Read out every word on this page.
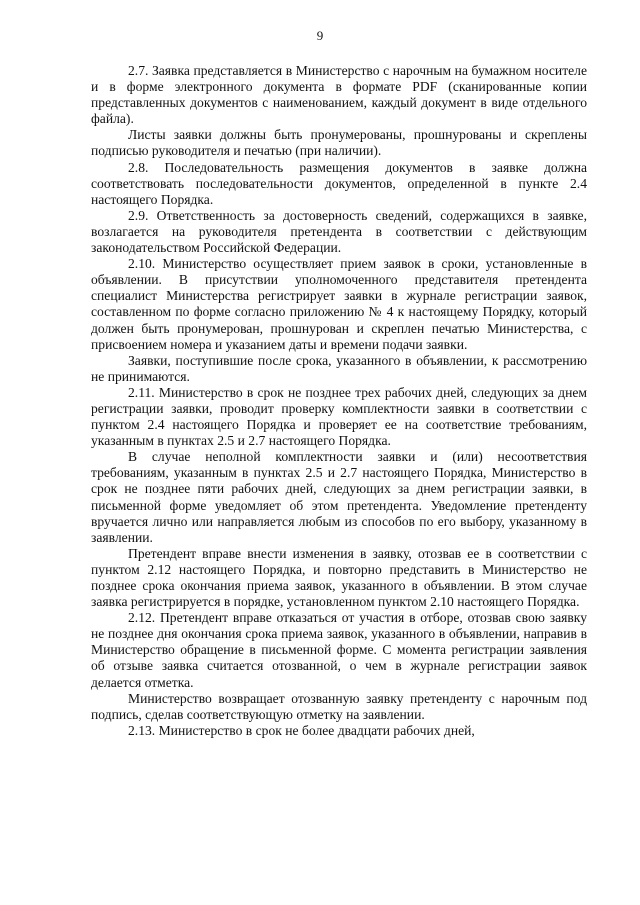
9

2.7. Заявка представляется в Министерство с нарочным на бумажном носителе и в форме электронного документа в формате PDF (сканированные копии представленных документов с наименованием, каждый документ в виде отдельного файла).

Листы заявки должны быть пронумерованы, прошнурованы и скреплены подписью руководителя и печатью (при наличии).

2.8. Последовательность размещения документов в заявке должна соответствовать последовательности документов, определенной в пункте 2.4 настоящего Порядка.

2.9. Ответственность за достоверность сведений, содержащихся в заявке, возлагается на руководителя претендента в соответствии с действующим законодательством Российской Федерации.

2.10. Министерство осуществляет прием заявок в сроки, установленные в объявлении. В присутствии уполномоченного представителя претендента специалист Министерства регистрирует заявки в журнале регистрации заявок, составленном по форме согласно приложению № 4 к настоящему Порядку, который должен быть пронумерован, прошнурован и скреплен печатью Министерства, с присвоением номера и указанием даты и времени подачи заявки.

Заявки, поступившие после срока, указанного в объявлении, к рассмотрению не принимаются.

2.11. Министерство в срок не позднее трех рабочих дней, следующих за днем регистрации заявки, проводит проверку комплектности заявки в соответствии с пунктом 2.4 настоящего Порядка и проверяет ее на соответствие требованиям, указанным в пунктах 2.5 и 2.7 настоящего Порядка.

В случае неполной комплектности заявки и (или) несоответствия требованиям, указанным в пунктах 2.5 и 2.7 настоящего Порядка, Министерство в срок не позднее пяти рабочих дней, следующих за днем регистрации заявки, в письменной форме уведомляет об этом претендента. Уведомление претенденту вручается лично или направляется любым из способов по его выбору, указанному в заявлении.

Претендент вправе внести изменения в заявку, отозвав ее в соответствии с пунктом 2.12 настоящего Порядка, и повторно представить в Министерство не позднее срока окончания приема заявок, указанного в объявлении. В этом случае заявка регистрируется в порядке, установленном пунктом 2.10 настоящего Порядка.

2.12. Претендент вправе отказаться от участия в отборе, отозвав свою заявку не позднее дня окончания срока приема заявок, указанного в объявлении, направив в Министерство обращение в письменной форме. С момента регистрации заявления об отзыве заявка считается отозванной, о чем в журнале регистрации заявок делается отметка.

Министерство возвращает отозванную заявку претенденту с нарочным под подпись, сделав соответствующую отметку на заявлении.

2.13. Министерство в срок не более двадцати рабочих дней,
